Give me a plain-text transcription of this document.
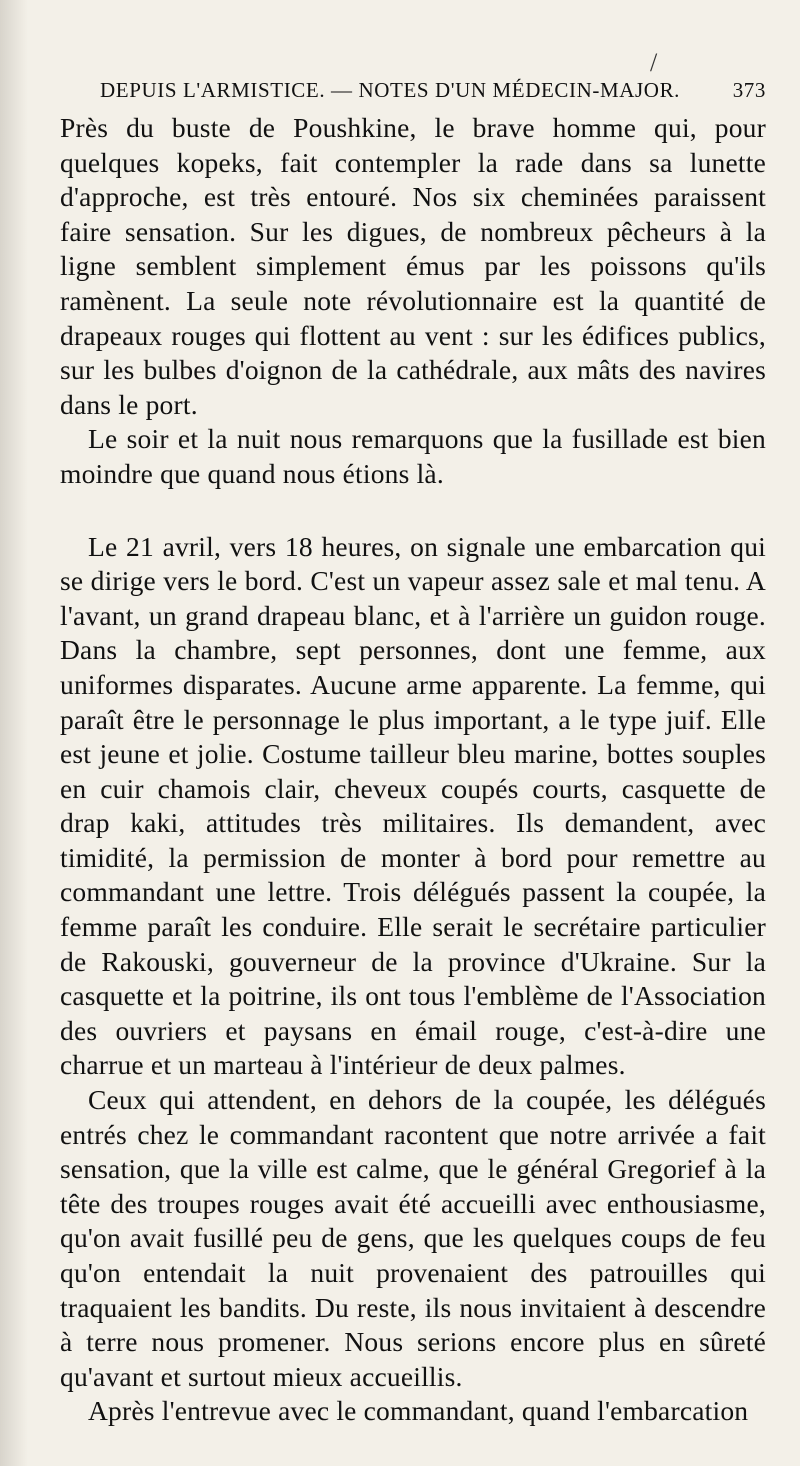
/
DEPUIS L'ARMISTICE. — NOTES D'UN MÉDECIN-MAJOR.	373

Près du buste de Poushkine, le brave homme qui, pour quelques kopeks, fait contempler la rade dans sa lunette d'approche, est très entouré. Nos six cheminées paraissent faire sensation. Sur les digues, de nombreux pêcheurs à la ligne semblent simplement émus par les poissons qu'ils ramènent. La seule note révolutionnaire est la quantité de drapeaux rouges qui flottent au vent : sur les édifices publics, sur les bulbes d'oignon de la cathédrale, aux mâts des navires dans le port.

Le soir et la nuit nous remarquons que la fusillade est bien moindre que quand nous étions là.

Le 21 avril, vers 18 heures, on signale une embarcation qui se dirige vers le bord. C'est un vapeur assez sale et mal tenu. A l'avant, un grand drapeau blanc, et à l'arrière un guidon rouge. Dans la chambre, sept personnes, dont une femme, aux uniformes disparates. Aucune arme apparente. La femme, qui paraît être le personnage le plus important, a le type juif. Elle est jeune et jolie. Costume tailleur bleu marine, bottes souples en cuir chamois clair, cheveux coupés courts, casquette de drap kaki, attitudes très militaires. Ils demandent, avec timidité, la permission de monter à bord pour remettre au commandant une lettre. Trois délégués passent la coupée, la femme paraît les conduire. Elle serait le secrétaire particulier de Rakouski, gouverneur de la province d'Ukraine. Sur la casquette et la poitrine, ils ont tous l'emblème de l'Association des ouvriers et paysans en émail rouge, c'est-à-dire une charrue et un marteau à l'intérieur de deux palmes.

Ceux qui attendent, en dehors de la coupée, les délégués entrés chez le commandant racontent que notre arrivée a fait sensation, que la ville est calme, que le général Gregorief à la tête des troupes rouges avait été accueilli avec enthousiasme, qu'on avait fusillé peu de gens, que les quelques coups de feu qu'on entendait la nuit provenaient des patrouilles qui traquaient les bandits. Du reste, ils nous invitaient à descendre à terre nous promener. Nous serions encore plus en sûreté qu'avant et surtout mieux accueillis.

Après l'entrevue avec le commandant, quand l'embarcation
